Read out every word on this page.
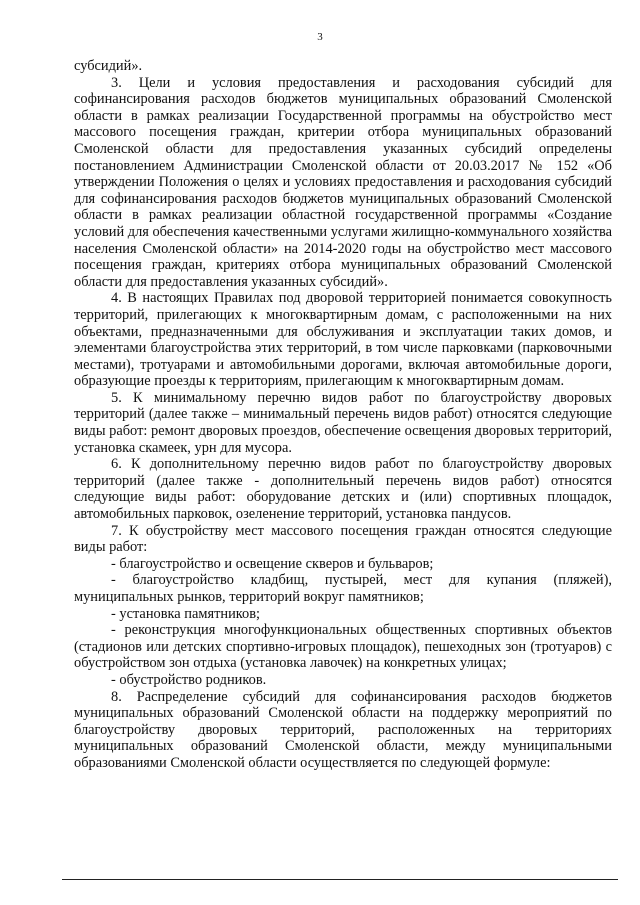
3

субсидий».

3. Цели и условия предоставления и расходования субсидий для софинансирования расходов бюджетов муниципальных образований Смоленской области в рамках реализации Государственной программы на обустройство мест массового посещения граждан, критерии отбора муниципальных образований Смоленской области для предоставления указанных субсидий определены постановлением Администрации Смоленской области от 20.03.2017 № 152 «Об утверждении Положения о целях и условиях предоставления и расходования субсидий для софинансирования расходов бюджетов муниципальных образований Смоленской области в рамках реализации областной государственной программы «Создание условий для обеспечения качественными услугами жилищно-коммунального хозяйства населения Смоленской области» на 2014-2020 годы на обустройство мест массового посещения граждан, критериях отбора муниципальных образований Смоленской области для предоставления указанных субсидий».

4. В настоящих Правилах под дворовой территорией понимается совокупность территорий, прилегающих к многоквартирным домам, с расположенными на них объектами, предназначенными для обслуживания и эксплуатации таких домов, и элементами благоустройства этих территорий, в том числе парковками (парковочными местами), тротуарами и автомобильными дорогами, включая автомобильные дороги, образующие проезды к территориям, прилегающим к многоквартирным домам.

5. К минимальному перечню видов работ по благоустройству дворовых территорий (далее также – минимальный перечень видов работ) относятся следующие виды работ: ремонт дворовых проездов, обеспечение освещения дворовых территорий, установка скамеек, урн для мусора.

6. К дополнительному перечню видов работ по благоустройству дворовых территорий (далее также - дополнительный перечень видов работ) относятся следующие виды работ: оборудование детских и (или) спортивных площадок, автомобильных парковок, озеленение территорий, установка пандусов.

7. К обустройству мест массового посещения граждан относятся следующие виды работ:

- благоустройство и освещение скверов и бульваров;

- благоустройство кладбищ, пустырей, мест для купания (пляжей), муниципальных рынков, территорий вокруг памятников;

- установка памятников;

- реконструкция многофункциональных общественных спортивных объектов (стадионов или детских спортивно-игровых площадок), пешеходных зон (тротуаров) с обустройством зон отдыха (установка лавочек) на конкретных улицах;

- обустройство родников.

8. Распределение субсидий для софинансирования расходов бюджетов муниципальных образований Смоленской области на поддержку мероприятий по благоустройству дворовых территорий, расположенных на территориях муниципальных образований Смоленской области, между муниципальными образованиями Смоленской области осуществляется по следующей формуле:
